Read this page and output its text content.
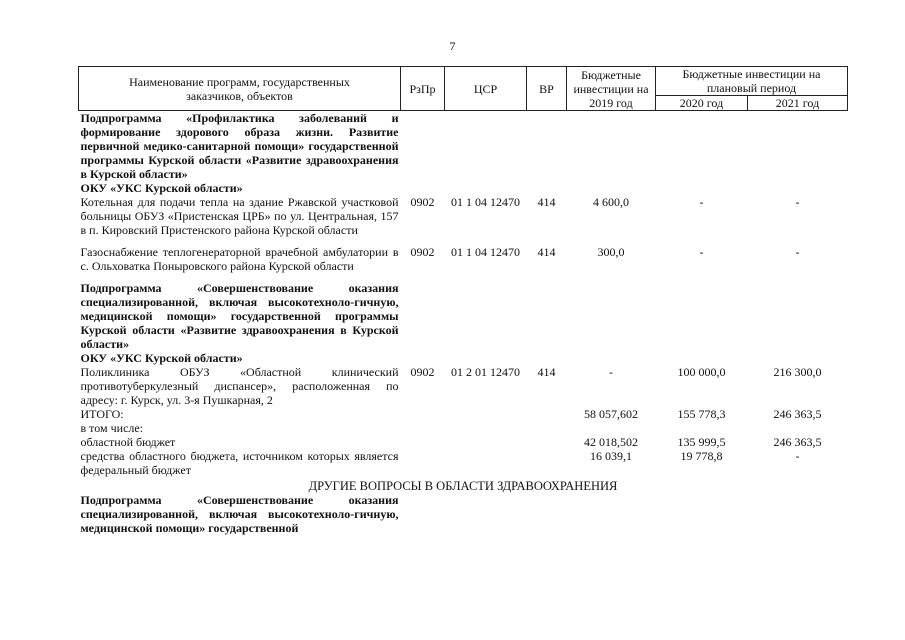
7
Наименование программ, государственных заказчиков, объектов	РзПр	ЦСР	ВР	Бюджетные инвестиции на 2019 год	Бюджетные инвестиции на плановый период	
					2020 год	2021 год
Подпрограмма «Профилактика заболеваний и формирование здорового образа жизни. Развитие первичной медико-санитарной помощи» государственной программы Курской области «Развитие здравоохранения в Курской области»						
ОКУ «УКС Курской области»						
Котельная для подачи тепла на здание Ржавской участковой больницы ОБУЗ «Пристенская ЦРБ» по ул. Центральная, 157 в п. Кировский Пристенского района Курской области	0902	01 1 04 12470	414	4 600,0	-	-

Газоснабжение теплогенераторной врачебной амбулатории в с. Ольховатка Поныровского района Курской области	0902	01 1 04 12470	414	300,0	-	-

Подпрограмма «Совершенствование оказания специализированной, включая высокотехноло-гичную, медицинской помощи» государственной программы Курской области «Развитие здравоохранения в Курской области»						
ОКУ «УКС Курской области»						
Поликлиника ОБУЗ «Областной клинический противотуберкулезный диспансер», расположенная по адресу: г. Курск, ул. 3-я Пушкарная, 2	0902	01 2 01 12470	414	-	100 000,0	216 300,0
ИТОГО:				58 057,602	155 778,3	246 363,5
в том числе:						
областной бюджет				42 018,502	135 999,5	246 363,5
средства областного бюджета, источником которых является федеральный бюджет				16 039,1	19 778,8	-
ДРУГИЕ ВОПРОСЫ В ОБЛАСТИ ЗДРАВООХРАНЕНИЯ						
Подпрограмма «Совершенствование оказания специализированной, включая высокотехноло-гичную, медицинской помощи» государственной						
